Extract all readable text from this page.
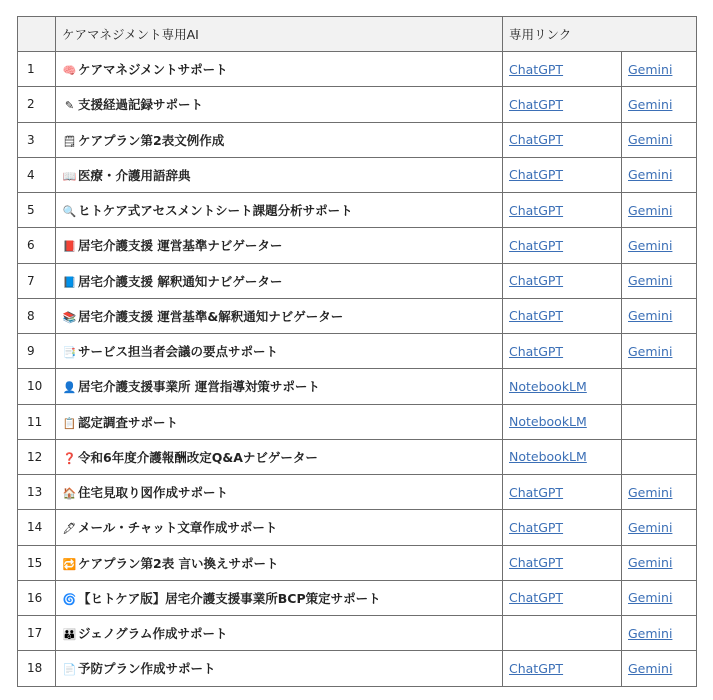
	ケアマネジメント専用AI	専用リンク	
1	🧠 ケアマネジメントサポート	ChatGPT	Gemini
2	✎ 支援経過記録サポート	ChatGPT	Gemini
3	🗒 ケアプラン第2表文例作成	ChatGPT	Gemini
4	📖 医療・介護用語辞典	ChatGPT	Gemini
5	🔍 ヒトケア式アセスメントシート課題分析サポート	ChatGPT	Gemini
6	📕 居宅介護支援 運営基準ナビゲーター	ChatGPT	Gemini
7	📘 居宅介護支援 解釈通知ナビゲーター	ChatGPT	Gemini
8	📚 居宅介護支援 運営基準&解釈通知ナビゲーター	ChatGPT	Gemini
9	📑 サービス担当者会議の要点サポート	ChatGPT	Gemini
10	👤 居宅介護支援事業所 運営指導対策サポート	NotebookLM	
11	📋 認定調査サポート	NotebookLM	
12	❓ 令和6年度介護報酬改定Q&Aナビゲーター	NotebookLM	
13	🏠 住宅見取り図作成サポート	ChatGPT	Gemini
14	🖋 メール・チャット文章作成サポート	ChatGPT	Gemini
15	🔁 ケアプラン第2表 言い換えサポート	ChatGPT	Gemini
16	🌀 【ヒトケア版】居宅介護支援事業所BCP策定サポート	ChatGPT	Gemini
17	👪 ジェノグラム作成サポート		Gemini
18	📄 予防プラン作成サポート	ChatGPT	Gemini
